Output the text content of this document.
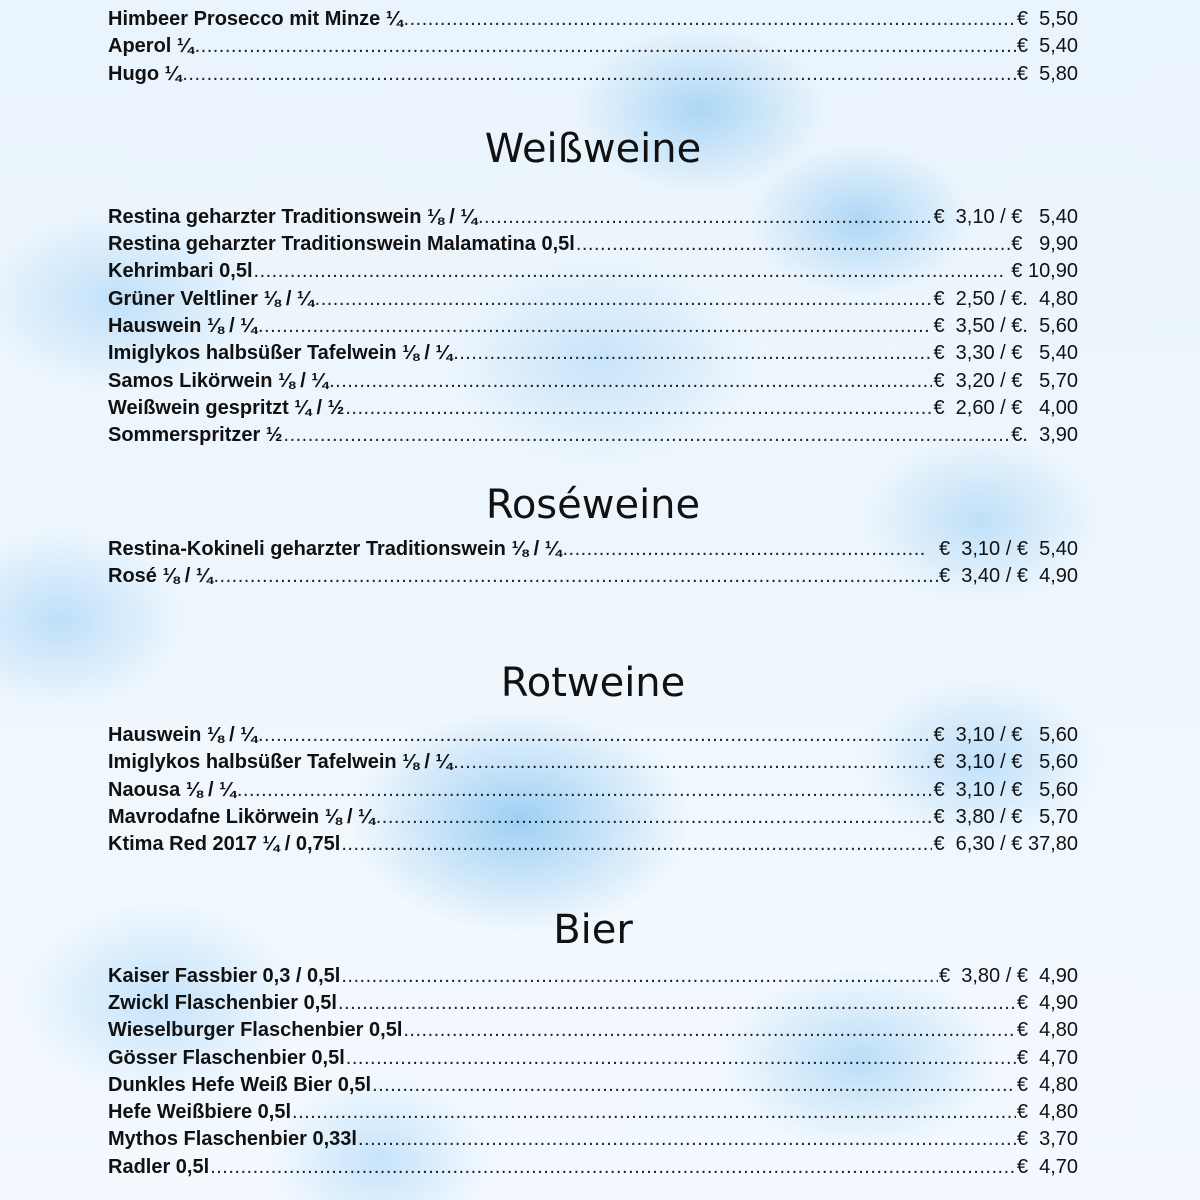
Himbeer Prosecco mit Minze ¼ .....	€  5,50
Aperol ¼ .....	€  5,40
Hugo ¼ .....	€  5,80
Weißweine
Restina geharzter Traditionswein ⅛ / ¼ .....	€  3,10 / €   5,40
Restina geharzter Traditionswein Malamatina 0,5l .....	€   9,90
Kehrimbari 0,5l .....	€ 10,90
Grüner Veltliner ⅛ / ¼ .....	€  2,50 / €.  4,80
Hauswein ⅛ / ¼ .....	€  3,50 / €.  5,60
Imiglykos halbsüßer Tafelwein ⅛ / ¼ .....	€  3,30 / €   5,40
Samos Likörwein ⅛ / ¼ .....	€  3,20 / €   5,70
Weißwein gespritzt ¼ / ½ .....	€  2,60 / €   4,00
Sommerspritzer ½ .....	€.  3,90
Roséweine
Restina-Kokineli geharzter Traditionswein ⅛ / ¼ .....	€  3,10 / €  5,40
Rosé ⅛ / ¼ .....	€  3,40 / €  4,90
Rotweine
Hauswein ⅛ / ¼ .....	€  3,10 / €   5,60
Imiglykos halbsüßer Tafelwein ⅛ / ¼ .....	€  3,10 / €   5,60
Naousa ⅛ / ¼ .....	€  3,10 / €   5,60
Mavrodafne Likörwein ⅛ / ¼ .....	€  3,80 / €   5,70
Ktima Red 2017 ¼ / 0,75l .....	€  6,30 / € 37,80
Bier
Kaiser Fassbier 0,3 / 0,5l .....	€  3,80 / €  4,90
Zwickl Flaschenbier 0,5l .....	€  4,90
Wieselburger Flaschenbier 0,5l .....	€  4,80
Gösser Flaschenbier 0,5l .....	€  4,70
Dunkles Hefe Weiß Bier 0,5l .....	€  4,80
Hefe Weißbiere 0,5l .....	€  4,80
Mythos Flaschenbier 0,33l .....	€  3,70
Radler 0,5l .....	€  4,70
